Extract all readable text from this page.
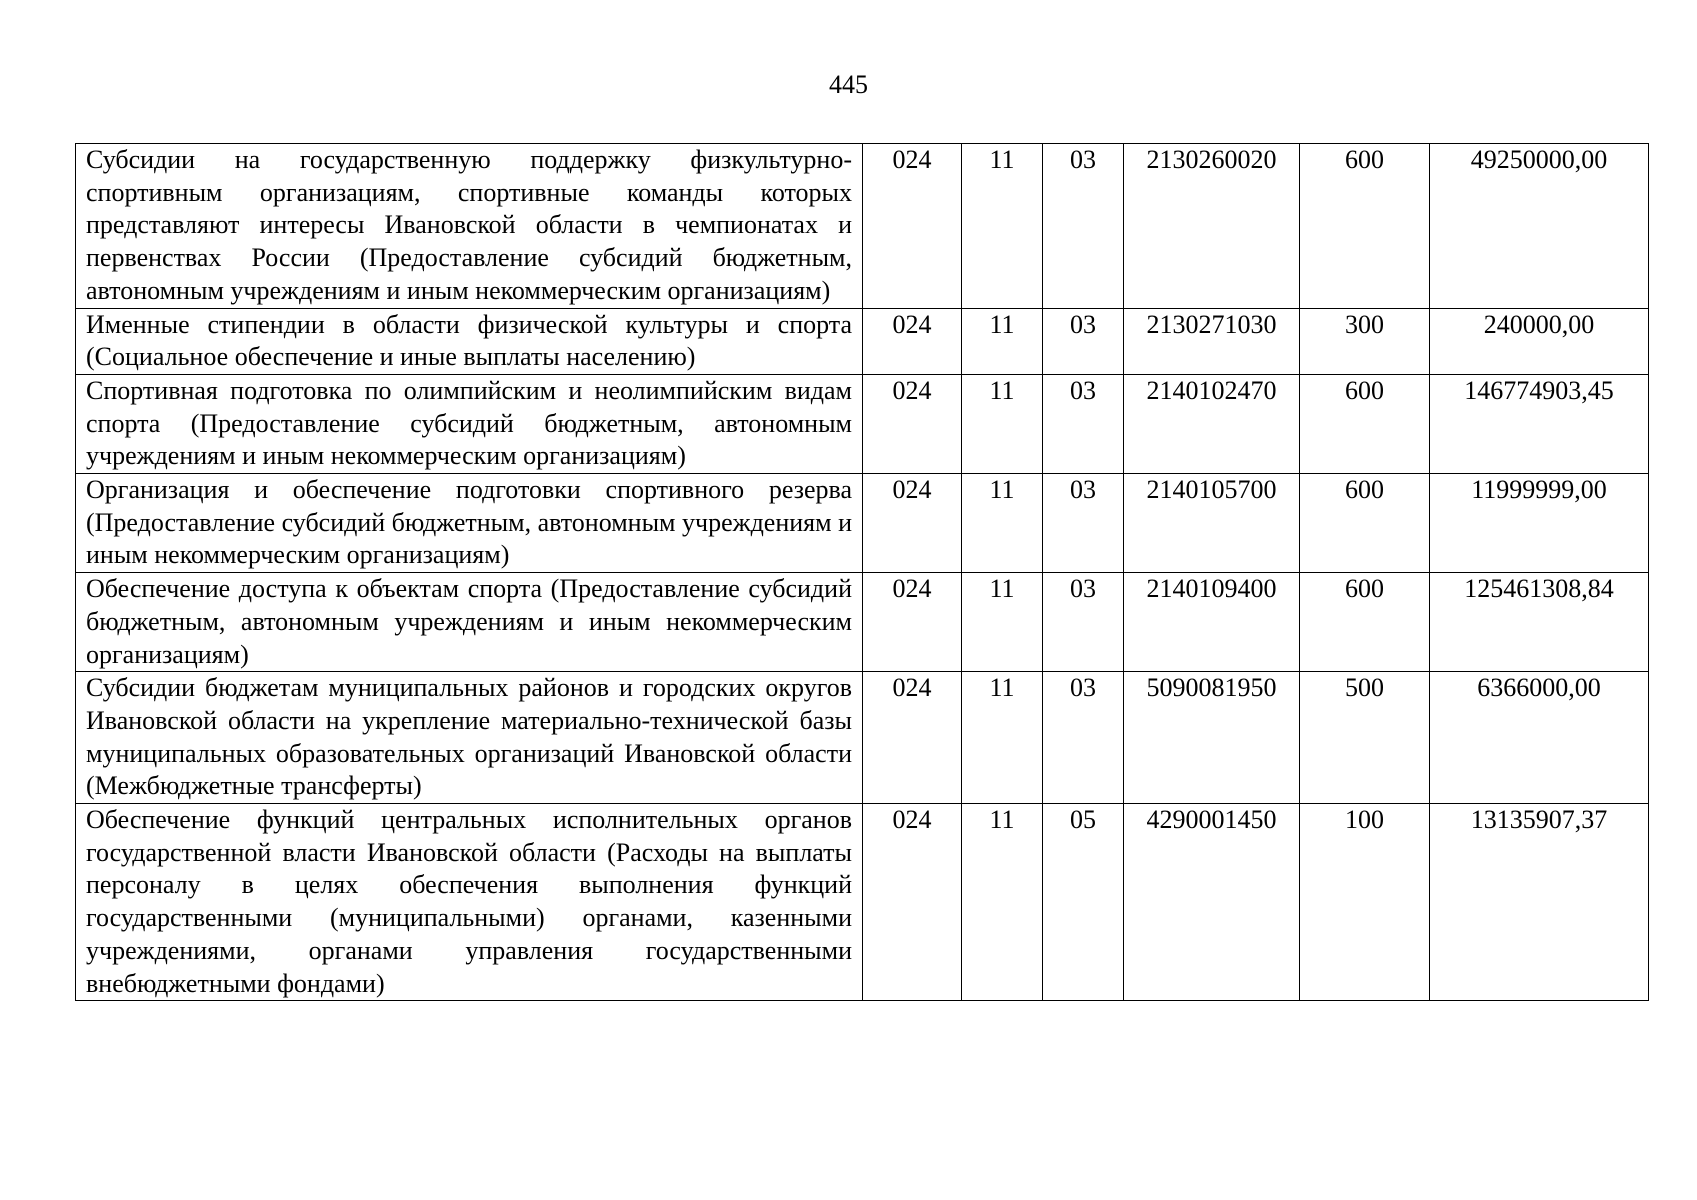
445
Субсидии на государственную поддержку физкультурно-спортивным организациям, спортивные команды которых представляют интересы Ивановской области в чемпионатах и первенствах России (Предоставление субсидий бюджетным, автономным учреждениям и иным некоммерческим организациям)	024	11	03	2130260020	600	49250000,00
Именные стипендии в области физической культуры и спорта (Социальное обеспечение и иные выплаты населению)	024	11	03	2130271030	300	240000,00
Спортивная подготовка по олимпийским и неолимпийским видам спорта (Предоставление субсидий бюджетным, автономным учреждениям и иным некоммерческим организациям)	024	11	03	2140102470	600	146774903,45
Организация и обеспечение подготовки спортивного резерва (Предоставление субсидий бюджетным, автономным учреждениям и иным некоммерческим организациям)	024	11	03	2140105700	600	11999999,00
Обеспечение доступа к объектам спорта (Предоставление субсидий бюджетным, автономным учреждениям и иным некоммерческим организациям)	024	11	03	2140109400	600	125461308,84
Субсидии бюджетам муниципальных районов и городских округов Ивановской области на укрепление материально-технической базы муниципальных образовательных организаций Ивановской области (Межбюджетные трансферты)	024	11	03	5090081950	500	6366000,00
Обеспечение функций центральных исполнительных органов государственной власти Ивановской области (Расходы на выплаты персоналу в целях обеспечения выполнения функций государственными (муниципальными) органами, казенными учреждениями, органами управления государственными внебюджетными фондами)	024	11	05	4290001450	100	13135907,37
